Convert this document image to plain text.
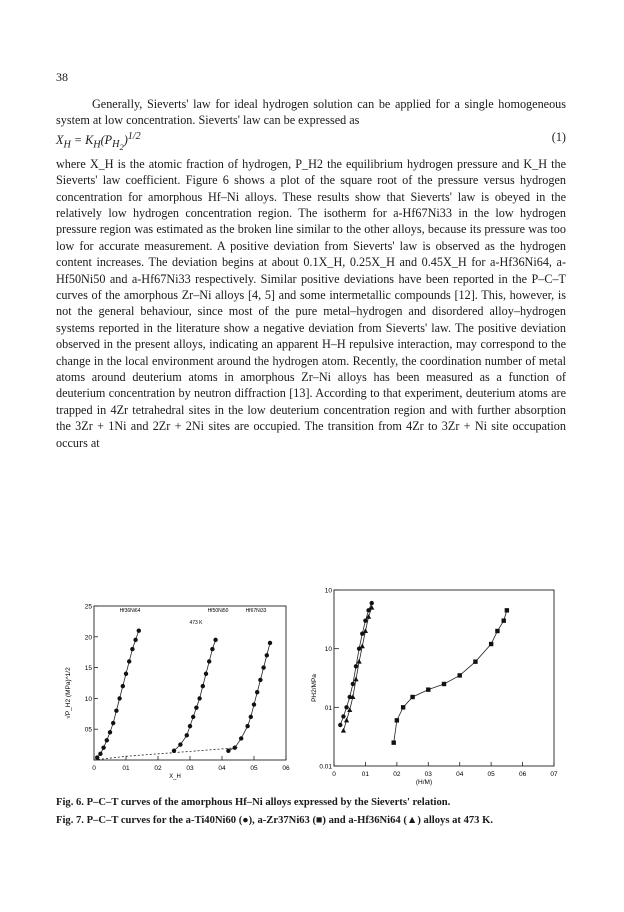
38

Generally, Sieverts' law for ideal hydrogen solution can be applied for a single homogeneous system at low concentration. Sieverts' law can be expressed as

$X_H = K_H(P_{H_2})^{1/2}$	(1)

where X_H is the atomic fraction of hydrogen, P_H2 the equilibrium hydrogen pressure and K_H the Sieverts' law coefficient. Figure 6 shows a plot of the square root of the pressure versus hydrogen concentration for amorphous Hf–Ni alloys. These results show that Sieverts' law is obeyed in the relatively low hydrogen concentration region. The isotherm for a-Hf67Ni33 in the low hydrogen pressure region was estimated as the broken line similar to the other alloys, because its pressure was too low for accurate measurement. A positive deviation from Sieverts' law is observed as the hydrogen content increases. The deviation begins at about 0.1X_H, 0.25X_H and 0.45X_H for a-Hf36Ni64, a-Hf50Ni50 and a-Hf67Ni33 respectively. Similar positive deviations have been reported in the P–C–T curves of the amorphous Zr–Ni alloys [4, 5] and some intermetallic compounds [12]. This, however, is not the general behaviour, since most of the pure metal–hydrogen and disordered alloy–hydrogen systems reported in the literature show a negative deviation from Sieverts' law. The positive deviation observed in the present alloys, indicating an apparent H–H repulsive interaction, may correspond to the change in the local environment around the hydrogen atom. Recently, the coordination number of metal atoms around deuterium atoms in amorphous Zr–Ni alloys has been measured as a function of deuterium concentration by neutron diffraction [13]. According to that experiment, deuterium atoms are trapped in 4Zr tetrahedral sites in the low deuterium concentration region and with further absorption the 3Zr + 1Ni and 2Zr + 2Ni sites are occupied. The transition from 4Zr to 3Zr + Ni site occupation occurs at

0	01	02	03	04	05	06
05
10
15
20
25
X_H
√P_H2 (MPa)^1/2
Hf36Ni64	Hf50Ni50	Hf67Ni33
473 K
0	01	02	03	04	05	06	07
0.01
01
10
10
(H/M)
PH2/MPa
Fig. 6. P–C–T curves of the amorphous Hf–Ni alloys expressed by the Sieverts' relation.
Fig. 7. P–C–T curves for the a-Ti40Ni60 (●), a-Zr37Ni63 (■) and a-Hf36Ni64 (▲) alloys at 473 K.
